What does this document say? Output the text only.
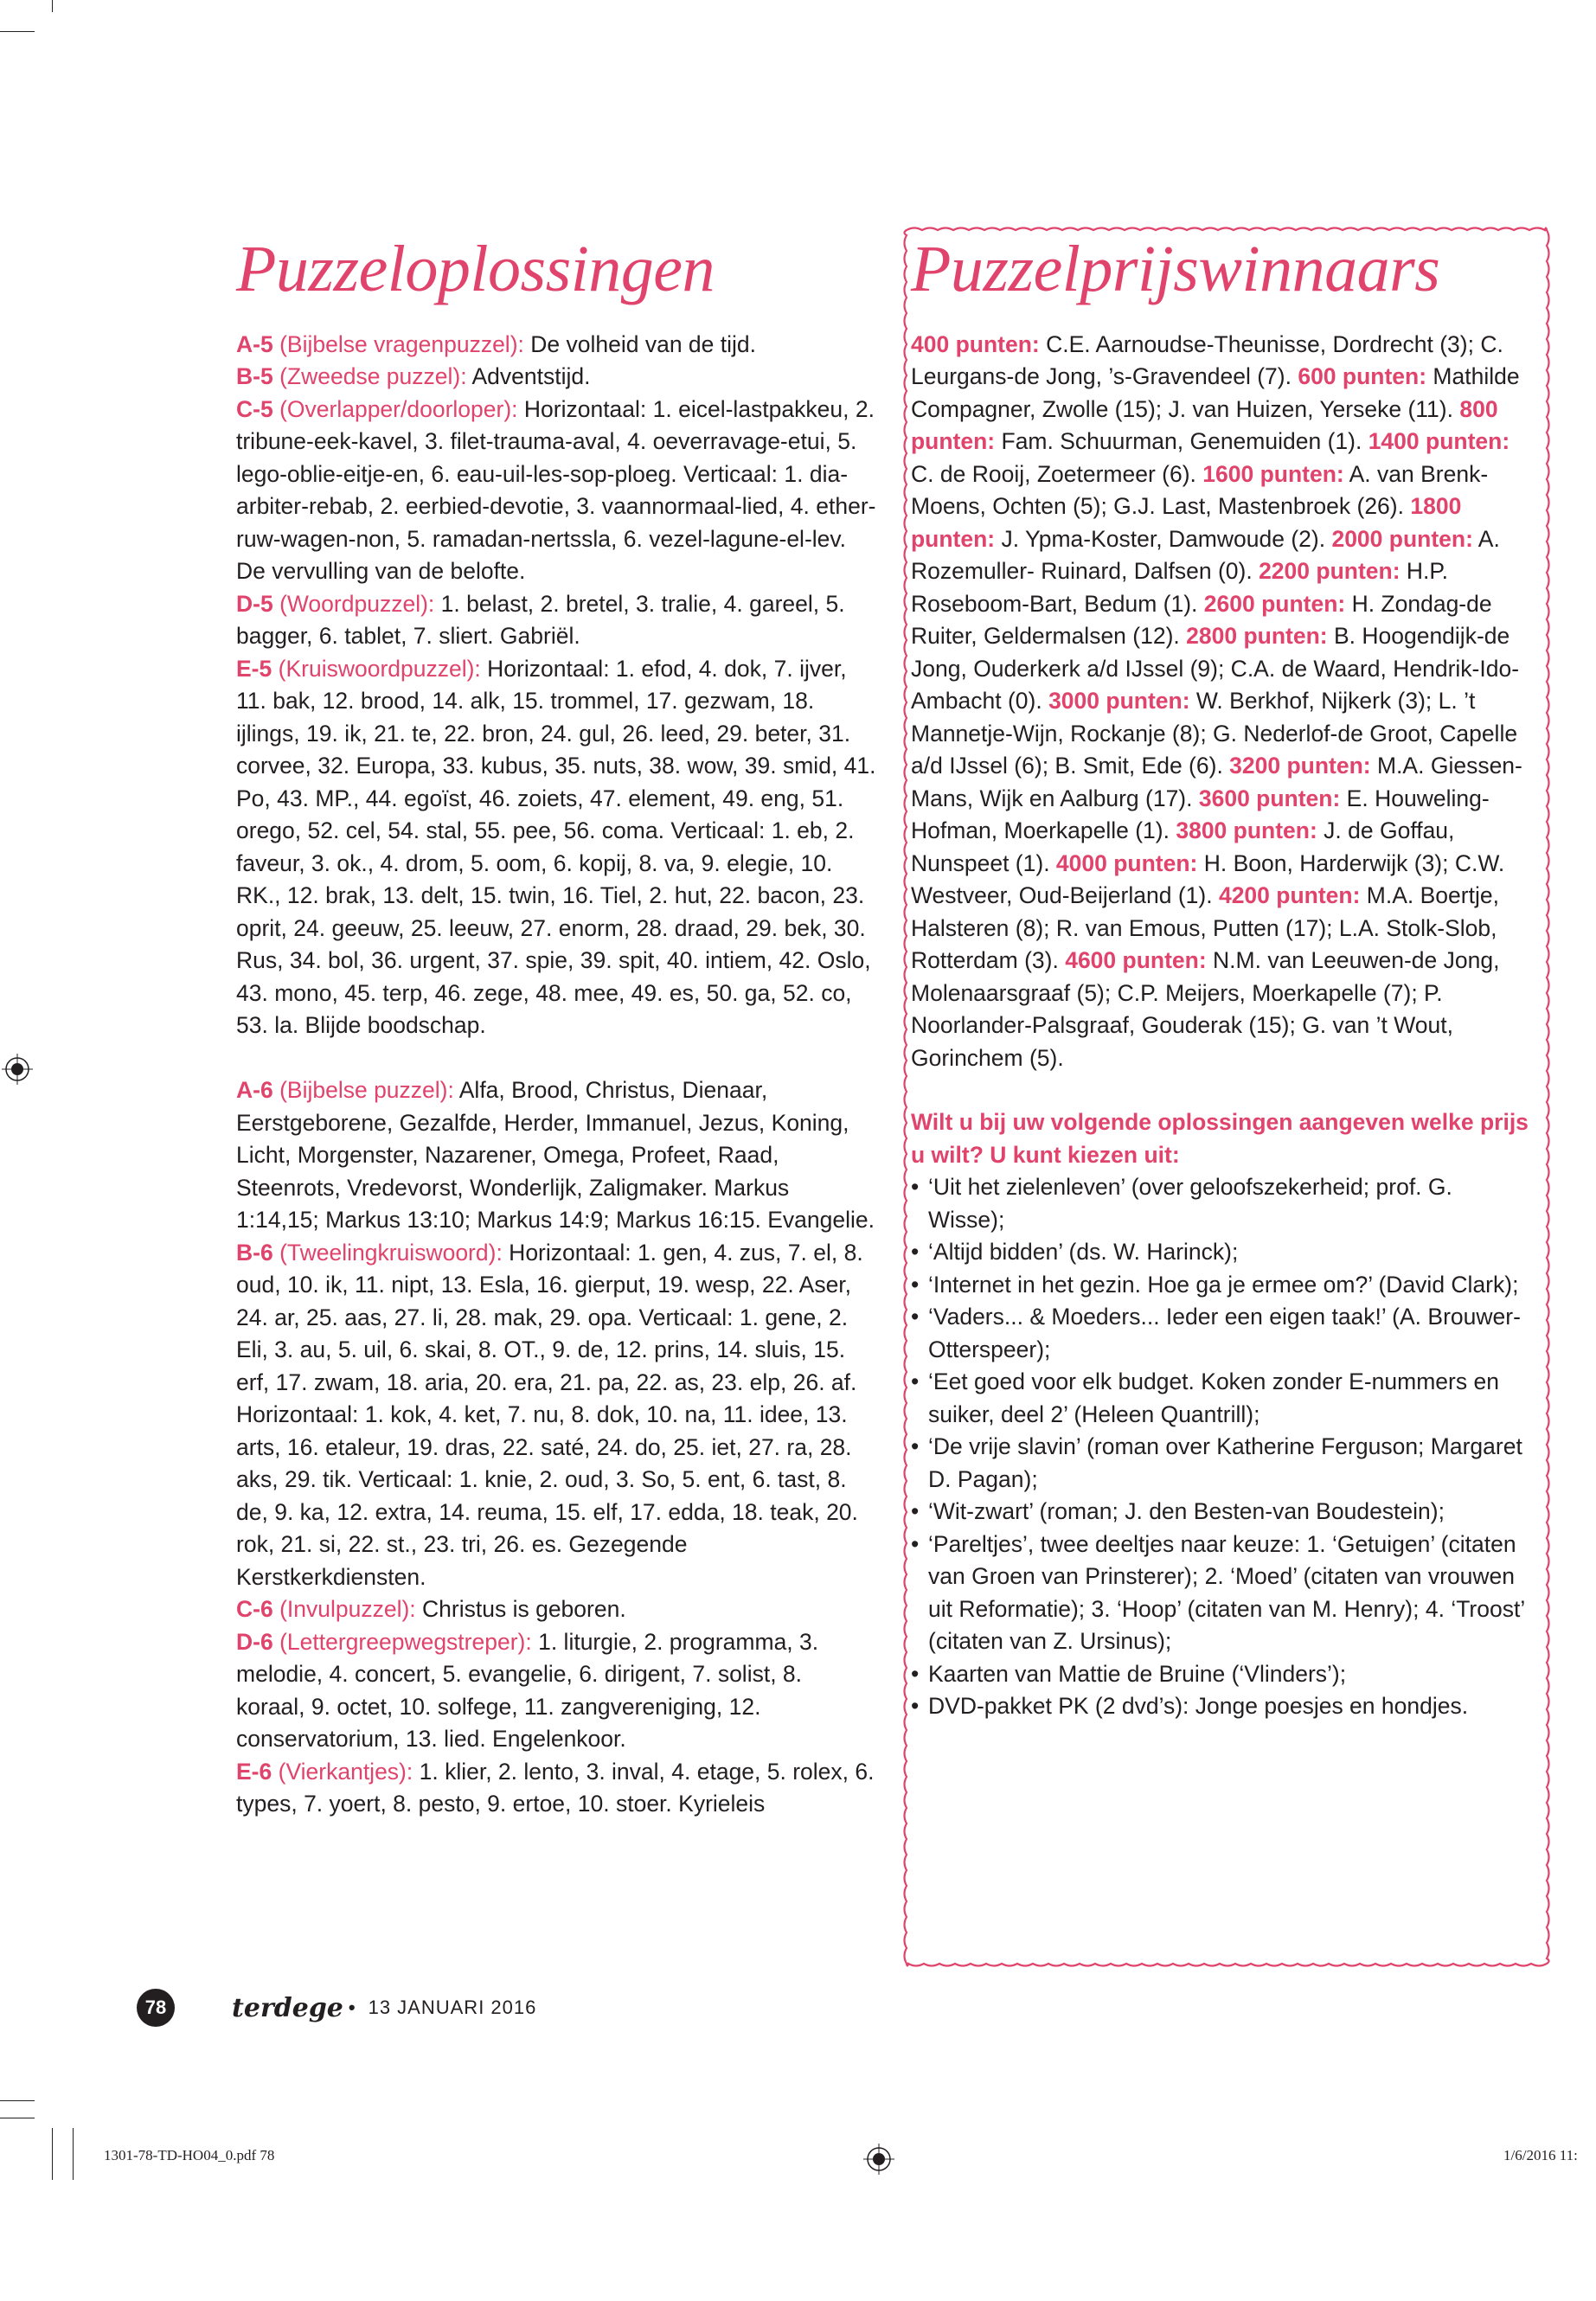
Puzzeloplossingen

A-5 (Bijbelse vragenpuzzel): De volheid van de tijd.

B-5 (Zweedse puzzel): Adventstijd.

C-5 (Overlapper/doorloper): Horizontaal: 1. eicel-lastpakkeu, 2. tribune-eek-kavel, 3. filet-trauma-aval, 4. oeverravage-etui, 5. lego-oblie-eitje-en, 6. eau-uil-les-sop-ploeg. Verticaal: 1. dia-arbiter-rebab, 2. eerbied-devotie, 3. vaannormaal-lied, 4. ether-ruw-wagen-non, 5. ramadan-nertssla, 6. vezel-lagune-el-lev. De vervulling van de belofte.

D-5 (Woordpuzzel): 1. belast, 2. bretel, 3. tralie, 4. gareel, 5. bagger, 6. tablet, 7. sliert. Gabriël.

E-5 (Kruiswoordpuzzel): Horizontaal: 1. efod, 4. dok, 7. ijver, 11. bak, 12. brood, 14. alk, 15. trommel, 17. gezwam, 18. ijlings, 19. ik, 21. te, 22. bron, 24. gul, 26. leed, 29. beter, 31. corvee, 32. Europa, 33. kubus, 35. nuts, 38. wow, 39. smid, 41. Po, 43. MP., 44. egoïst, 46. zoiets, 47. element, 49. eng, 51. orego, 52. cel, 54. stal, 55. pee, 56. coma. Verticaal: 1. eb, 2. faveur, 3. ok., 4. drom, 5. oom, 6. kopij, 8. va, 9. elegie, 10. RK., 12. brak, 13. delt, 15. twin, 16. Tiel, 2. hut, 22. bacon, 23. oprit, 24. geeuw, 25. leeuw, 27. enorm, 28. draad, 29. bek, 30. Rus, 34. bol, 36. urgent, 37. spie, 39. spit, 40. intiem, 42. Oslo, 43. mono, 45. terp, 46. zege, 48. mee, 49. es, 50. ga, 52. co, 53. la. Blijde boodschap.

A-6 (Bijbelse puzzel): Alfa, Brood, Christus, Dienaar, Eerstgeborene, Gezalfde, Herder, Immanuel, Jezus, Koning, Licht, Morgenster, Nazarener, Omega, Profeet, Raad, Steenrots, Vredevorst, Wonderlijk, Zaligmaker. Markus 1:14,15; Markus 13:10; Markus 14:9; Markus 16:15. Evangelie.

B-6 (Tweelingkruiswoord): Horizontaal: 1. gen, 4. zus, 7. el, 8. oud, 10. ik, 11. nipt, 13. Esla, 16. gierput, 19. wesp, 22. Aser, 24. ar, 25. aas, 27. li, 28. mak, 29. opa. Verticaal: 1. gene, 2. Eli, 3. au, 5. uil, 6. skai, 8. OT., 9. de, 12. prins, 14. sluis, 15. erf, 17. zwam, 18. aria, 20. era, 21. pa, 22. as, 23. elp, 26. af. Horizontaal: 1. kok, 4. ket, 7. nu, 8. dok, 10. na, 11. idee, 13. arts, 16. etaleur, 19. dras, 22. saté, 24. do, 25. iet, 27. ra, 28. aks, 29. tik. Verticaal: 1. knie, 2. oud, 3. So, 5. ent, 6. tast, 8. de, 9. ka, 12. extra, 14. reuma, 15. elf, 17. edda, 18. teak, 20. rok, 21. si, 22. st., 23. tri, 26. es. Gezegende Kerstkerkdiensten.

C-6 (Invulpuzzel): Christus is geboren.

D-6 (Lettergreepwegstreper): 1. liturgie, 2. programma, 3. melodie, 4. concert, 5. evangelie, 6. dirigent, 7. solist, 8. koraal, 9. octet, 10. solfege, 11. zangvereniging, 12. conservatorium, 13. lied. Engelenkoor.

E-6 (Vierkantjes): 1. klier, 2. lento, 3. inval, 4. etage, 5. rolex, 6. types, 7. yoert, 8. pesto, 9. ertoe, 10. stoer. Kyrieleis

Puzzelprijswinnaars

400 punten: C.E. Aarnoudse-Theunisse, Dordrecht (3); C. Leurgans-de Jong, ’s-Gravendeel (7). 600 punten: Mathilde Compagner, Zwolle (15); J. van Huizen, Yerseke (11). 800 punten: Fam. Schuurman, Genemuiden (1). 1400 punten: C. de Rooij, Zoetermeer (6). 1600 punten: A. van Brenk-Moens, Ochten (5); G.J. Last, Mastenbroek (26). 1800 punten: J. Ypma-Koster, Damwoude (2). 2000 punten: A. Rozemuller- Ruinard, Dalfsen (0). 2200 punten: H.P. Roseboom-Bart, Bedum (1). 2600 punten: H. Zondag-de Ruiter, Geldermalsen (12). 2800 punten: B. Hoogendijk-de Jong, Ouderkerk a/d IJssel (9); C.A. de Waard, Hendrik-Ido-Ambacht (0). 3000 punten: W. Berkhof, Nijkerk (3); L. ’t Mannetje-Wijn, Rockanje (8); G. Nederlof-de Groot, Capelle a/d IJssel (6); B. Smit, Ede (6). 3200 punten: M.A. Giessen-Mans, Wijk en Aalburg (17). 3600 punten: E. Houweling-Hofman, Moerkapelle (1). 3800 punten: J. de Goffau, Nunspeet (1). 4000 punten: H. Boon, Harderwijk (3); C.W. Westveer, Oud-Beijerland (1). 4200 punten: M.A. Boertje, Halsteren (8); R. van Emous, Putten (17); L.A. Stolk-Slob, Rotterdam (3). 4600 punten: N.M. van Leeuwen-de Jong, Molenaarsgraaf (5); C.P. Meijers, Moerkapelle (7); P. Noorlander-Palsgraaf, Gouderak (15); G. van ’t Wout, Gorinchem (5).

Wilt u bij uw volgende oplossingen aangeven welke prijs u wilt? U kunt kiezen uit:

• ‘Uit het zielenleven’ (over geloofszekerheid; prof. G. Wisse);
• ‘Altijd bidden’ (ds. W. Harinck);
• ‘Internet in het gezin. Hoe ga je ermee om?’ (David Clark);
• ‘Vaders... & Moeders... Ieder een eigen taak!’ (A. Brouwer-Otterspeer);
• ‘Eet goed voor elk budget. Koken zonder E-nummers en suiker, deel 2’ (Heleen Quantrill);
• ‘De vrije slavin’ (roman over Katherine Ferguson; Margaret D. Pagan);
• ‘Wit-zwart’ (roman; J. den Besten-van Boudestein);
• ‘Pareltjes’, twee deeltjes naar keuze: 1. ‘Getuigen’ (citaten van Groen van Prinsterer); 2. ‘Moed’ (citaten van vrouwen uit Reformatie); 3. ‘Hoop’ (citaten van M. Henry); 4. ‘Troost’ (citaten van Z. Ursinus);
• Kaarten van Mattie de Bruine (‘Vlinders’);
• DVD-pakket PK (2 dvd’s): Jonge poesjes en hondjes.
78	terdege • 13 JANUARI 2016
1301-78-TD-HO04_0.pdf 78	1/6/2016 11:
